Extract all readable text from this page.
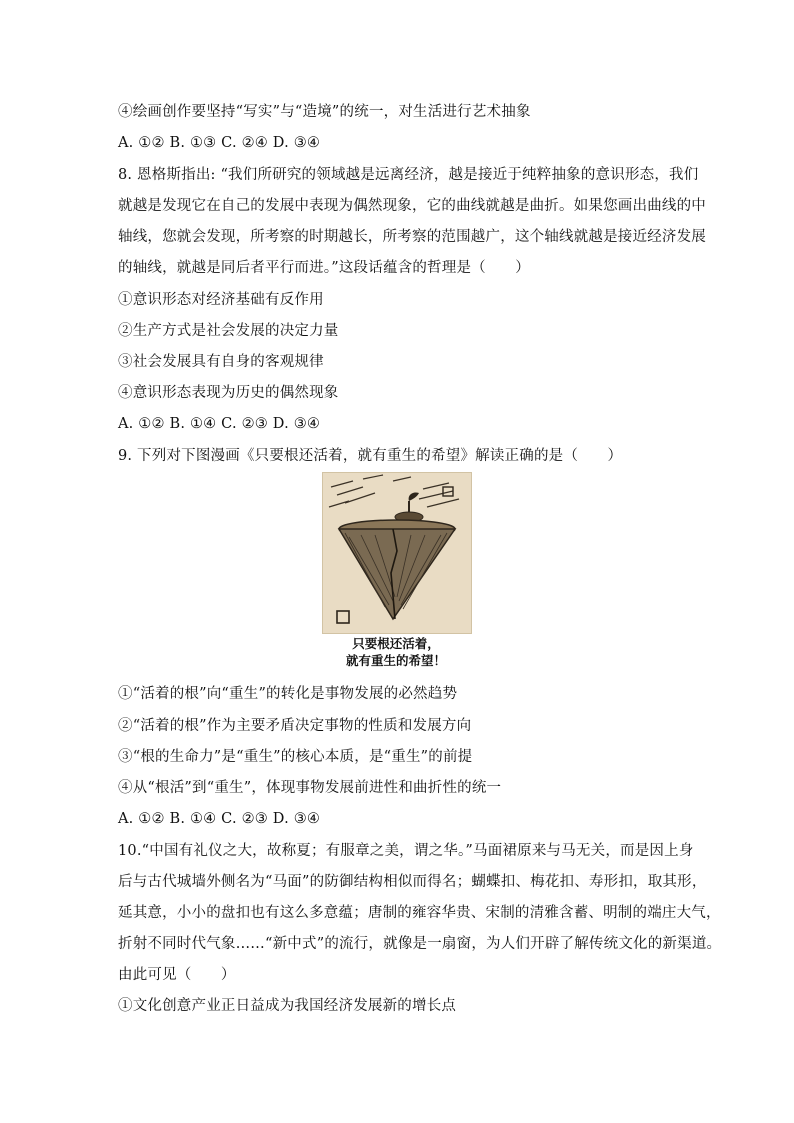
④绘画创作要坚持“写实”与“造境”的统一，对生活进行艺术抽象
A. ①② B. ①③ C. ②④ D. ③④
8. 恩格斯指出: “我们所研究的领域越是远离经济，越是接近于纯粹抽象的意识形态，我们
就越是发现它在自己的发展中表现为偶然现象，它的曲线就越是曲折。如果您画出曲线的中
轴线，您就会发现，所考察的时期越长，所考察的范围越广，这个轴线就越是接近经济发展
的轴线，就越是同后者平行而进。”这段话蕴含的哲理是（　　）
①意识形态对经济基础有反作用
②生产方式是社会发展的决定力量
③社会发展具有自身的客观规律
④意识形态表现为历史的偶然现象
A. ①② B. ①④ C. ②③ D. ③④
9. 下列对下图漫画《只要根还活着，就有重生的希望》解读正确的是（　　）
只要根还活着，
就有重生的希望！
①“活着的根”向“重生”的转化是事物发展的必然趋势
②“活着的根”作为主要矛盾决定事物的性质和发展方向
③“根的生命力”是“重生”的核心本质，是“重生”的前提
④从“根活”到“重生”，体现事物发展前进性和曲折性的统一
A. ①② B. ①④ C. ②③ D. ③④
10.“中国有礼仪之大，故称夏；有服章之美，谓之华。”马面裙原来与马无关，而是因上身
后与古代城墙外侧名为“马面”的防御结构相似而得名；蝴蝶扣、梅花扣、寿形扣，取其形，
延其意，小小的盘扣也有这么多意蕴；唐制的雍容华贵、宋制的清雅含蓄、明制的端庄大气，
折射不同时代气象……“新中式”的流行，就像是一扇窗，为人们开辟了解传统文化的新渠道。
由此可见（　　）
①文化创意产业正日益成为我国经济发展新的增长点
